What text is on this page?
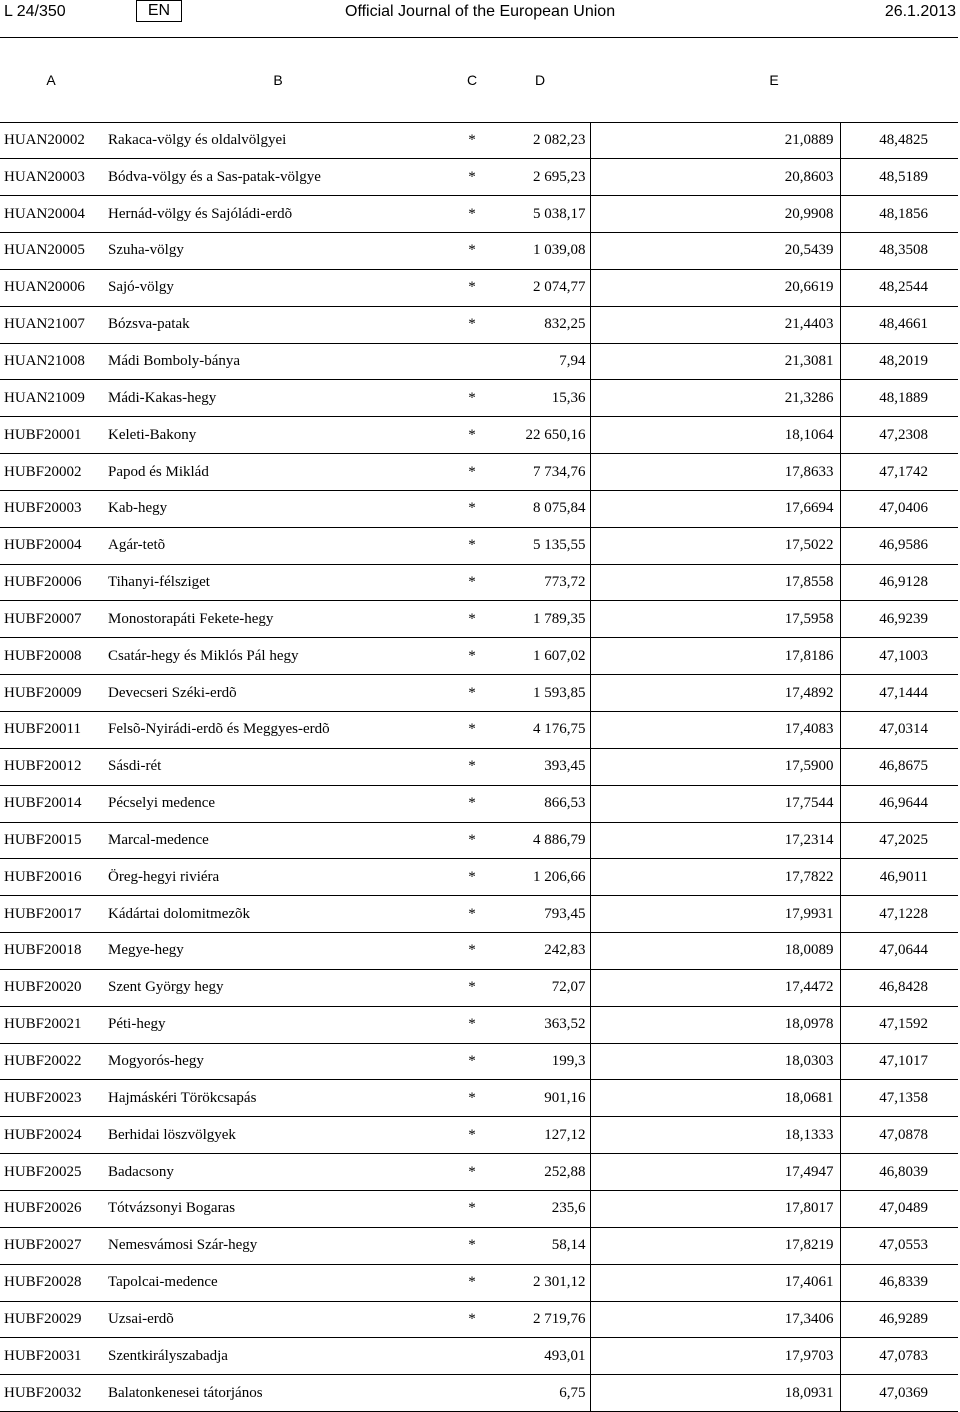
L 24/350	EN	Official Journal of the European Union	26.1.2013
A	B	C	D	E	
HUAN20002	Rakaca-völgy és oldalvölgyei	*	2 082,23	21,0889	48,4825
HUAN20003	Bódva-völgy és a Sas-patak-völgye	*	2 695,23	20,8603	48,5189
HUAN20004	Hernád-völgy és Sajóládi-erdõ	*	5 038,17	20,9908	48,1856
HUAN20005	Szuha-völgy	*	1 039,08	20,5439	48,3508
HUAN20006	Sajó-völgy	*	2 074,77	20,6619	48,2544
HUAN21007	Bózsva-patak	*	832,25	21,4403	48,4661
HUAN21008	Mádi Bomboly-bánya		7,94	21,3081	48,2019
HUAN21009	Mádi-Kakas-hegy	*	15,36	21,3286	48,1889
HUBF20001	Keleti-Bakony	*	22 650,16	18,1064	47,2308
HUBF20002	Papod és Miklád	*	7 734,76	17,8633	47,1742
HUBF20003	Kab-hegy	*	8 075,84	17,6694	47,0406
HUBF20004	Agár-tetõ	*	5 135,55	17,5022	46,9586
HUBF20006	Tihanyi-félsziget	*	773,72	17,8558	46,9128
HUBF20007	Monostorapáti Fekete-hegy	*	1 789,35	17,5958	46,9239
HUBF20008	Csatár-hegy és Miklós Pál hegy	*	1 607,02	17,8186	47,1003
HUBF20009	Devecseri Széki-erdõ	*	1 593,85	17,4892	47,1444
HUBF20011	Felsõ-Nyirádi-erdõ és Meggyes-erdõ	*	4 176,75	17,4083	47,0314
HUBF20012	Sásdi-rét	*	393,45	17,5900	46,8675
HUBF20014	Pécselyi medence	*	866,53	17,7544	46,9644
HUBF20015	Marcal-medence	*	4 886,79	17,2314	47,2025
HUBF20016	Öreg-hegyi riviéra	*	1 206,66	17,7822	46,9011
HUBF20017	Kádártai dolomitmezõk	*	793,45	17,9931	47,1228
HUBF20018	Megye-hegy	*	242,83	18,0089	47,0644
HUBF20020	Szent György hegy	*	72,07	17,4472	46,8428
HUBF20021	Péti-hegy	*	363,52	18,0978	47,1592
HUBF20022	Mogyorós-hegy	*	199,3	18,0303	47,1017
HUBF20023	Hajmáskéri Törökcsapás	*	901,16	18,0681	47,1358
HUBF20024	Berhidai löszvölgyek	*	127,12	18,1333	47,0878
HUBF20025	Badacsony	*	252,88	17,4947	46,8039
HUBF20026	Tótvázsonyi Bogaras	*	235,6	17,8017	47,0489
HUBF20027	Nemesvámosi Szár-hegy	*	58,14	17,8219	47,0553
HUBF20028	Tapolcai-medence	*	2 301,12	17,4061	46,8339
HUBF20029	Uzsai-erdõ	*	2 719,76	17,3406	46,9289
HUBF20031	Szentkirályszabadja		493,01	17,9703	47,0783
HUBF20032	Balatonkenesei tátorjános		6,75	18,0931	47,0369
